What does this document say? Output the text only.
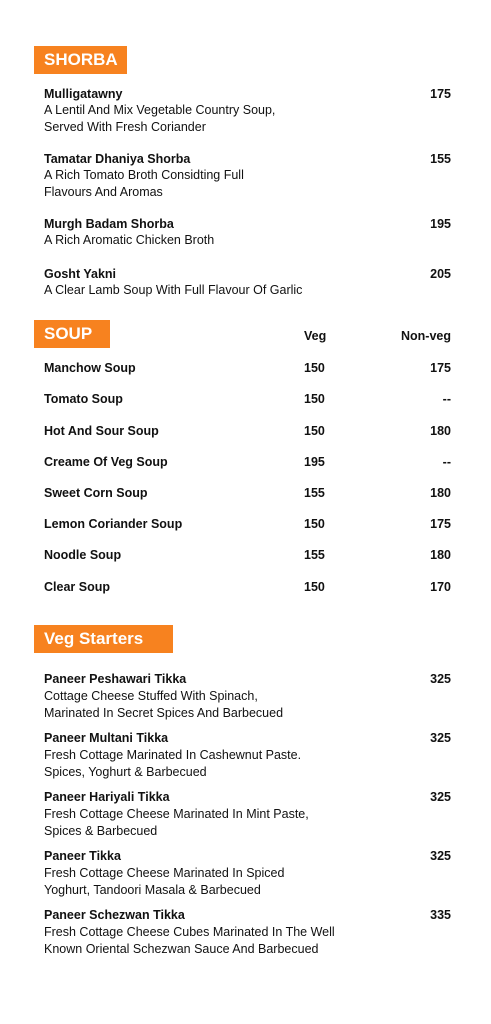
SHORBA
Mulligatawny	175
A Lentil And Mix Vegetable Country Soup, Served With Fresh Coriander
Tamatar Dhaniya Shorba	155
A Rich Tomato Broth Considting Full Flavours And Aromas
Murgh Badam Shorba	195
A Rich Aromatic Chicken Broth
Gosht Yakni	205
A Clear Lamb Soup With Full Flavour Of Garlic
SOUP	Veg	Non-veg
Manchow Soup	150	175
Tomato Soup	150	--
Hot And Sour Soup	150	180
Creame Of Veg Soup	195	--
Sweet Corn Soup	155	180
Lemon Coriander Soup	150	175
Noodle Soup	155	180
Clear Soup	150	170
Veg Starters
Paneer Peshawari Tikka	325
Cottage Cheese Stuffed With Spinach, Marinated In Secret Spices And Barbecued
Paneer Multani Tikka	325
Fresh Cottage Marinated In Cashewnut Paste. Spices, Yoghurt & Barbecued
Paneer Hariyali Tikka	325
Fresh Cottage Cheese Marinated In Mint Paste, Spices & Barbecued
Paneer Tikka	325
Fresh Cottage Cheese Marinated In Spiced Yoghurt, Tandoori Masala & Barbecued
Paneer Schezwan Tikka	335
Fresh Cottage Cheese Cubes Marinated In The Well Known Oriental Schezwan Sauce And Barbecued
